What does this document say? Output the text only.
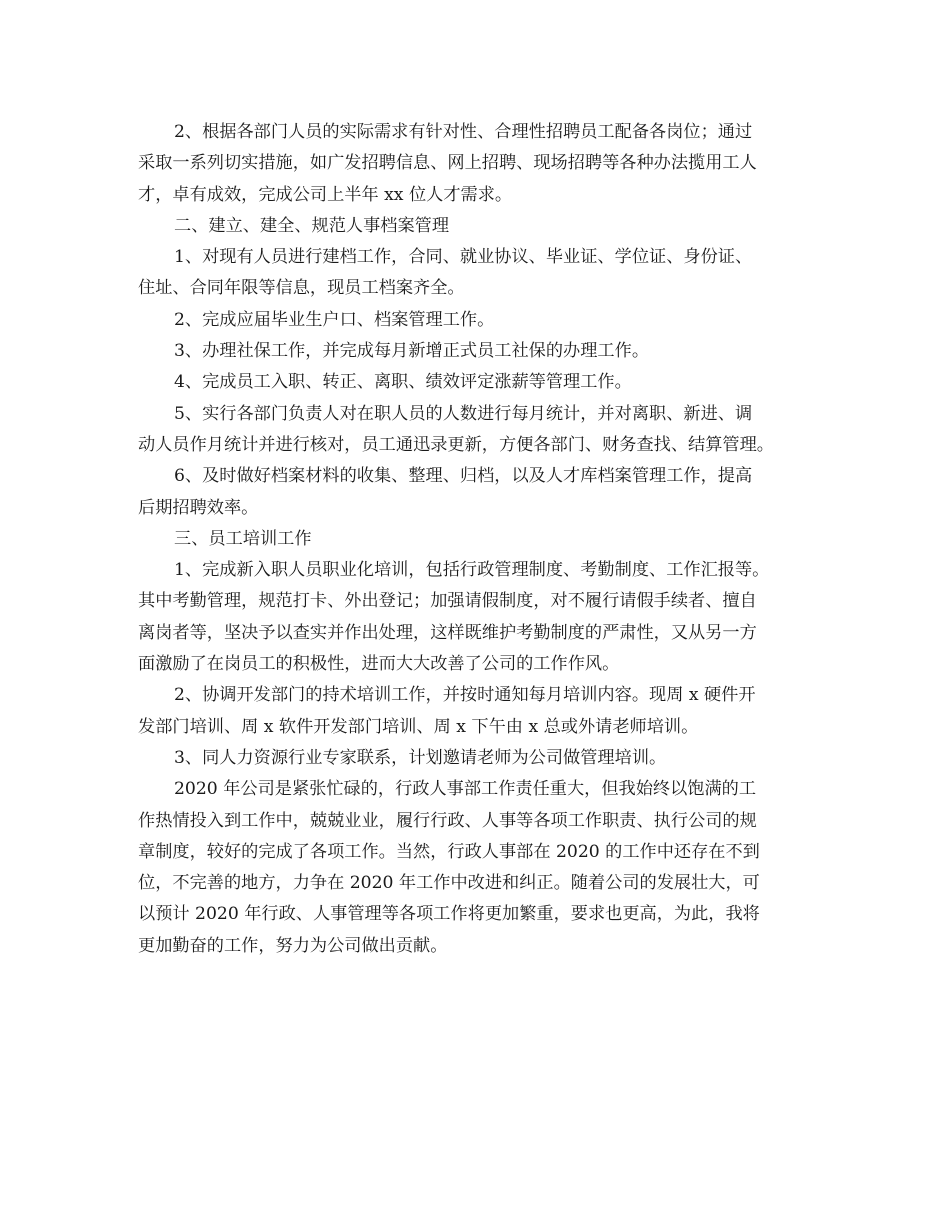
2、根据各部门人员的实际需求有针对性、合理性招聘员工配备各岗位；通过

采取一系列切实措施，如广发招聘信息、网上招聘、现场招聘等各种办法揽用工人

才，卓有成效，完成公司上半年 xx 位人才需求。

二、建立、建全、规范人事档案管理

1、对现有人员进行建档工作，合同、就业协议、毕业证、学位证、身份证、

住址、合同年限等信息，现员工档案齐全。

2、完成应届毕业生户口、档案管理工作。

3、办理社保工作，并完成每月新增正式员工社保的办理工作。

4、完成员工入职、转正、离职、绩效评定涨薪等管理工作。

5、实行各部门负责人对在职人员的人数进行每月统计，并对离职、新进、调

动人员作月统计并进行核对，员工通迅录更新，方便各部门、财务查找、结算管理。

6、及时做好档案材料的收集、整理、归档，以及人才库档案管理工作，提高

后期招聘效率。

三、员工培训工作

1、完成新入职人员职业化培训，包括行政管理制度、考勤制度、工作汇报等。

其中考勤管理，规范打卡、外出登记；加强请假制度，对不履行请假手续者、擅自

离岗者等，坚决予以查实并作出处理，这样既维护考勤制度的严肃性，又从另一方

面激励了在岗员工的积极性，进而大大改善了公司的工作作风。

2、协调开发部门的持术培训工作，并按时通知每月培训内容。现周 x 硬件开

发部门培训、周 x 软件开发部门培训、周 x 下午由 x 总或外请老师培训。

3、同人力资源行业专家联系，计划邀请老师为公司做管理培训。

2020 年公司是紧张忙碌的，行政人事部工作责任重大，但我始终以饱满的工

作热情投入到工作中，兢兢业业，履行行政、人事等各项工作职责、执行公司的规

章制度，较好的完成了各项工作。当然，行政人事部在 2020 的工作中还存在不到

位，不完善的地方，力争在 2020 年工作中改进和纠正。随着公司的发展壮大，可

以预计 2020 年行政、人事管理等各项工作将更加繁重，要求也更高，为此，我将

更加勤奋的工作，努力为公司做出贡献。
